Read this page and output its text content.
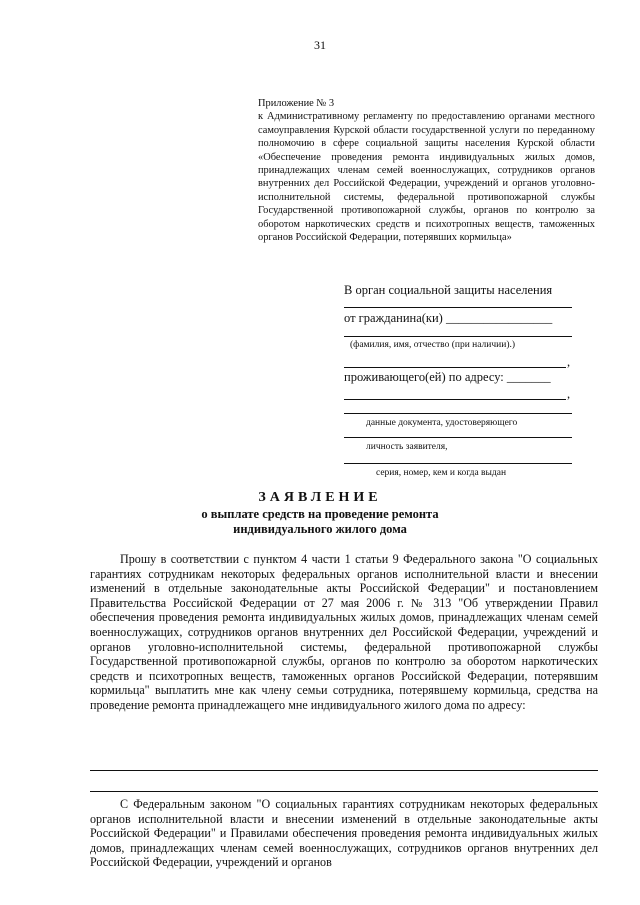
31
Приложение № 3
к Административному регламенту по предоставлению органами местного самоуправления Курской области государственной услуги по переданному полномочию в сфере социальной защиты населения Курской области «Обеспечение проведения ремонта индивидуальных жилых домов, принадлежащих членам семей военнослужащих, сотрудников органов внутренних дел Российской Федерации, учреждений и органов уголовно-исполнительной системы, федеральной противопожарной службы Государственной противопожарной службы, органов по контролю за оборотом наркотических средств и психотропных веществ, таможенных органов Российской Федерации, потерявших кормильца»
В орган социальной защиты населения
от гражданина(ки) _________________
(фамилия, имя, отчество (при наличии).)
,
проживающего(ей) по адресу: _______
,
данные документа, удостоверяющего
личность заявителя,
серия, номер, кем и когда выдан
ЗАЯВЛЕНИЕ
о выплате средств на проведение ремонта
индивидуального жилого дома

Прошу в соответствии с пунктом 4 части 1 статьи 9 Федерального закона "О социальных гарантиях сотрудникам некоторых федеральных органов исполнительной власти и внесении изменений в отдельные законодательные акты Российской Федерации" и постановлением Правительства Российской Федерации от 27 мая 2006 г. № 313 "Об утверждении Правил обеспечения проведения ремонта индивидуальных жилых домов, принадлежащих членам семей военнослужащих, сотрудников органов внутренних дел Российской Федерации, учреждений и органов уголовно-исполнительной системы, федеральной противопожарной службы Государственной противопожарной службы, органов по контролю за оборотом наркотических средств и психотропных веществ, таможенных органов Российской Федерации, потерявшим кормильца" выплатить мне как члену семьи сотрудника, потерявшему кормильца, средства на проведение ремонта принадлежащего мне индивидуального жилого дома по адресу:

С Федеральным законом "О социальных гарантиях сотрудникам некоторых федеральных органов исполнительной власти и внесении изменений в отдельные законодательные акты Российской Федерации" и Правилами обеспечения проведения ремонта индивидуальных жилых домов, принадлежащих членам семей военнослужащих, сотрудников органов внутренних дел Российской Федерации, учреждений и органов
